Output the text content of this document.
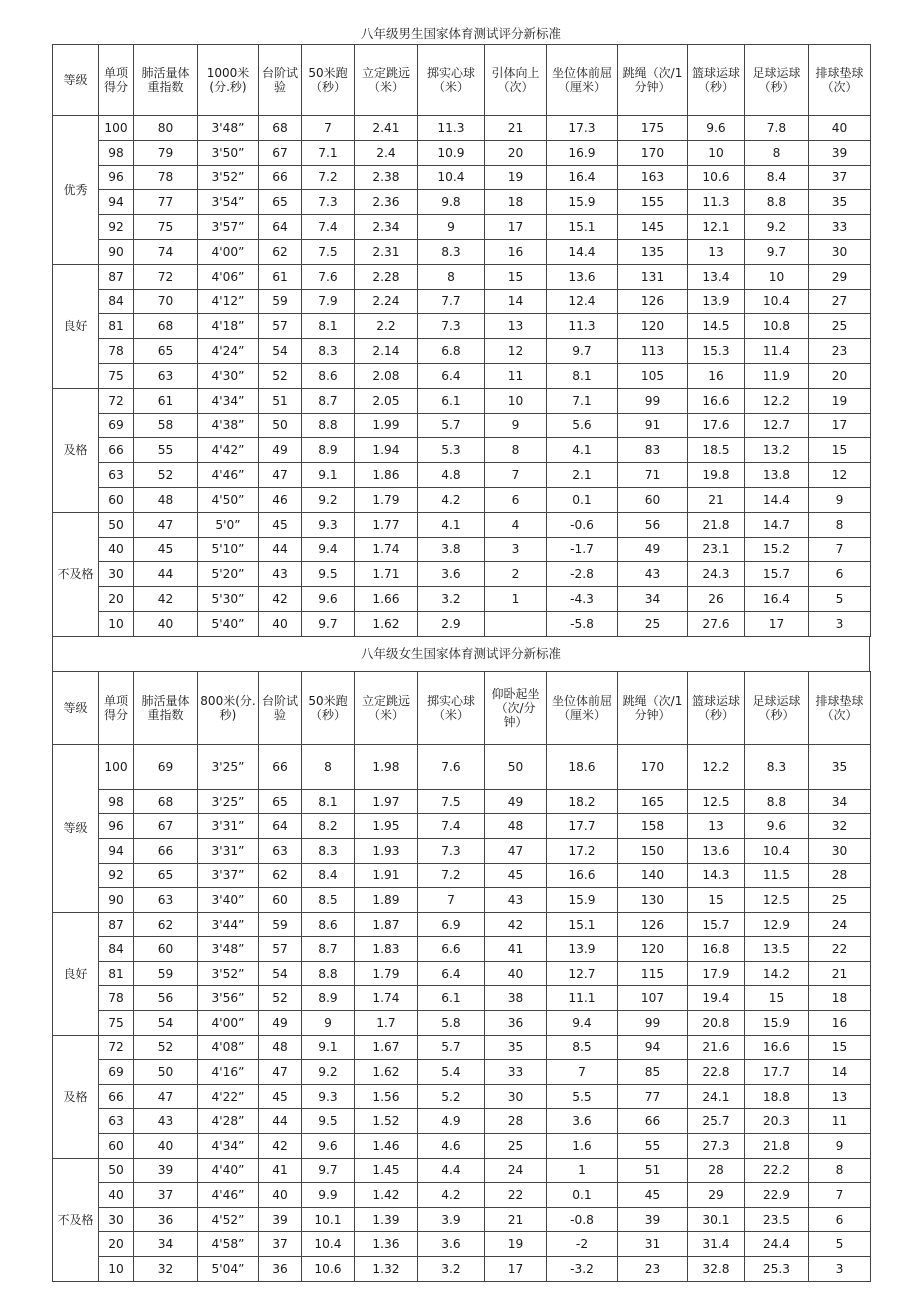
八年级男生国家体育测试评分新标准
等级	单项得分	肺活量体重指数	1000米(分.秒)	台阶试验	50米跑（秒）	立定跳远（米）	掷实心球（米）	引体向上（次）	坐位体前屈（厘米）	跳绳（次/1分钟）	篮球运球（秒）	足球运球（秒）	排球垫球（次）
优秀	100	80	3'48”	68	7	2.41	11.3	21	17.3	175	9.6	7.8	40
	98	79	3'50”	67	7.1	2.4	10.9	20	16.9	170	10	8	39
	96	78	3'52”	66	7.2	2.38	10.4	19	16.4	163	10.6	8.4	37
	94	77	3'54”	65	7.3	2.36	9.8	18	15.9	155	11.3	8.8	35
	92	75	3'57”	64	7.4	2.34	9	17	15.1	145	12.1	9.2	33
	90	74	4'00”	62	7.5	2.31	8.3	16	14.4	135	13	9.7	30
良好	87	72	4'06”	61	7.6	2.28	8	15	13.6	131	13.4	10	29
	84	70	4'12”	59	7.9	2.24	7.7	14	12.4	126	13.9	10.4	27
	81	68	4'18”	57	8.1	2.2	7.3	13	11.3	120	14.5	10.8	25
	78	65	4'24”	54	8.3	2.14	6.8	12	9.7	113	15.3	11.4	23
	75	63	4'30”	52	8.6	2.08	6.4	11	8.1	105	16	11.9	20
及格	72	61	4'34”	51	8.7	2.05	6.1	10	7.1	99	16.6	12.2	19
	69	58	4'38”	50	8.8	1.99	5.7	9	5.6	91	17.6	12.7	17
	66	55	4'42”	49	8.9	1.94	5.3	8	4.1	83	18.5	13.2	15
	63	52	4'46”	47	9.1	1.86	4.8	7	2.1	71	19.8	13.8	12
	60	48	4'50”	46	9.2	1.79	4.2	6	0.1	60	21	14.4	9
不及格	50	47	5'0”	45	9.3	1.77	4.1	4	-0.6	56	21.8	14.7	8
	40	45	5'10”	44	9.4	1.74	3.8	3	-1.7	49	23.1	15.2	7
	30	44	5'20”	43	9.5	1.71	3.6	2	-2.8	43	24.3	15.7	6
	20	42	5'30”	42	9.6	1.66	3.2	1	-4.3	34	26	16.4	5
	10	40	5'40”	40	9.7	1.62	2.9		-5.8	25	27.6	17	3
八年级女生国家体育测试评分新标准
等级	单项得分	肺活量体重指数	800米(分.秒)	台阶试验	50米跑（秒）	立定跳远（米）	掷实心球（米）	仰卧起坐（次/分钟）	坐位体前屈（厘米）	跳绳（次/1分钟）	篮球运球（秒）	足球运球（秒）	排球垫球（次）
等级	100	69	3'25”	66	8	1.98	7.6	50	18.6	170	12.2	8.3	35
	98	68	3'25”	65	8.1	1.97	7.5	49	18.2	165	12.5	8.8	34
	96	67	3'31”	64	8.2	1.95	7.4	48	17.7	158	13	9.6	32
	94	66	3'31”	63	8.3	1.93	7.3	47	17.2	150	13.6	10.4	30
	92	65	3'37”	62	8.4	1.91	7.2	45	16.6	140	14.3	11.5	28
	90	63	3'40”	60	8.5	1.89	7	43	15.9	130	15	12.5	25
良好	87	62	3'44”	59	8.6	1.87	6.9	42	15.1	126	15.7	12.9	24
	84	60	3'48”	57	8.7	1.83	6.6	41	13.9	120	16.8	13.5	22
	81	59	3'52”	54	8.8	1.79	6.4	40	12.7	115	17.9	14.2	21
	78	56	3'56”	52	8.9	1.74	6.1	38	11.1	107	19.4	15	18
	75	54	4'00”	49	9	1.7	5.8	36	9.4	99	20.8	15.9	16
及格	72	52	4'08”	48	9.1	1.67	5.7	35	8.5	94	21.6	16.6	15
	69	50	4'16”	47	9.2	1.62	5.4	33	7	85	22.8	17.7	14
	66	47	4'22”	45	9.3	1.56	5.2	30	5.5	77	24.1	18.8	13
	63	43	4'28”	44	9.5	1.52	4.9	28	3.6	66	25.7	20.3	11
	60	40	4'34”	42	9.6	1.46	4.6	25	1.6	55	27.3	21.8	9
不及格	50	39	4'40”	41	9.7	1.45	4.4	24	1	51	28	22.2	8
	40	37	4'46”	40	9.9	1.42	4.2	22	0.1	45	29	22.9	7
	30	36	4'52”	39	10.1	1.39	3.9	21	-0.8	39	30.1	23.5	6
	20	34	4'58”	37	10.4	1.36	3.6	19	-2	31	31.4	24.4	5
	10	32	5'04”	36	10.6	1.32	3.2	17	-3.2	23	32.8	25.3	3
